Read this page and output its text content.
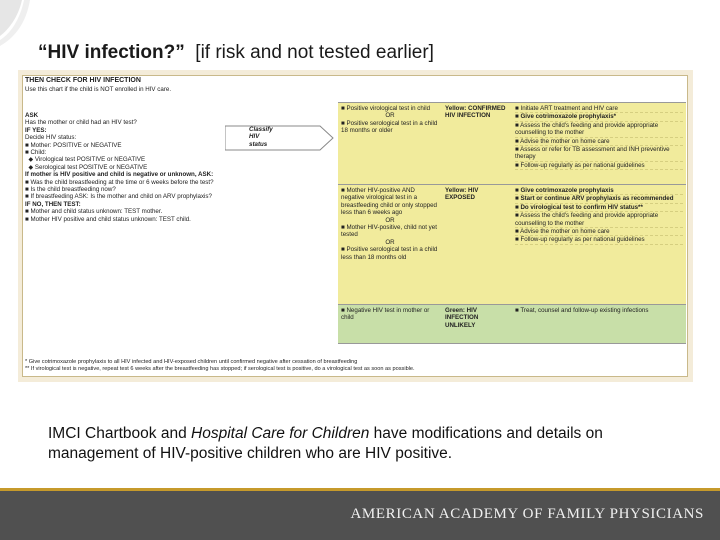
“HIV infection?” [if risk and not tested earlier]
THEN CHECK FOR HIV INFECTION
Use this chart if the child is NOT enrolled in HIV care.

ASK

Has the mother or child had an HIV test?

IF YES:

Decide HIV status:

■ Mother: POSITIVE or NEGATIVE

■ Child:

◆ Virological test POSITIVE or NEGATIVE

◆ Serological test POSITIVE or NEGATIVE

If mother is HIV positive and child is negative or unknown, ASK:

■ Was the child breastfeeding at the time or 6 weeks before the test?

■ Is the child breastfeeding now?

■ If breastfeeding ASK: Is the mother and child on ARV prophylaxis?

IF NO, THEN TEST:

■ Mother and child status unknown: TEST mother.

■ Mother HIV positive and child status unknown: TEST child.

Classify HIV status

■ Positive virological test in child

OR

■ Positive serological test in a child 18 months or older

Yellow: CONFIRMED HIV INFECTION

■ Initiate ART treatment and HIV care

■ Give cotrimoxazole prophylaxis*

■ Assess the child's feeding and provide appropriate counselling to the mother

■ Advise the mother on home care

■ Assess or refer for TB assessment and INH preventive therapy

■ Follow-up regularly as per national guidelines

■ Mother HIV-positive AND negative virological test in a breastfeeding child or only stopped less than 6 weeks ago

OR

■ Mother HIV-positive, child not yet tested

OR

■ Positive serological test in a child less than 18 months old

Yellow: HIV EXPOSED

■ Give cotrimoxazole prophylaxis

■ Start or continue ARV prophylaxis as recommended

■ Do virological test to confirm HIV status**

■ Assess the child's feeding and provide appropriate counselling to the mother

■ Advise the mother on home care

■ Follow-up regularly as per national guidelines

■ Negative HIV test in mother or child

Green: HIV INFECTION UNLIKELY

■ Treat, counsel and follow-up existing infections

* Give cotrimoxazole prophylaxis to all HIV infected and HIV-exposed children until confirmed negative after cessation of breastfeeding
** If virological test is negative, repeat test 6 weeks after the breastfeeding has stopped; if serological test is positive, do a virological test as soon as possible.
IMCI Chartbook and Hospital Care for Children have modifications and details on management of HIV-positive children who are HIV positive.
AMERICAN ACADEMY OF FAMILY PHYSICIANS
